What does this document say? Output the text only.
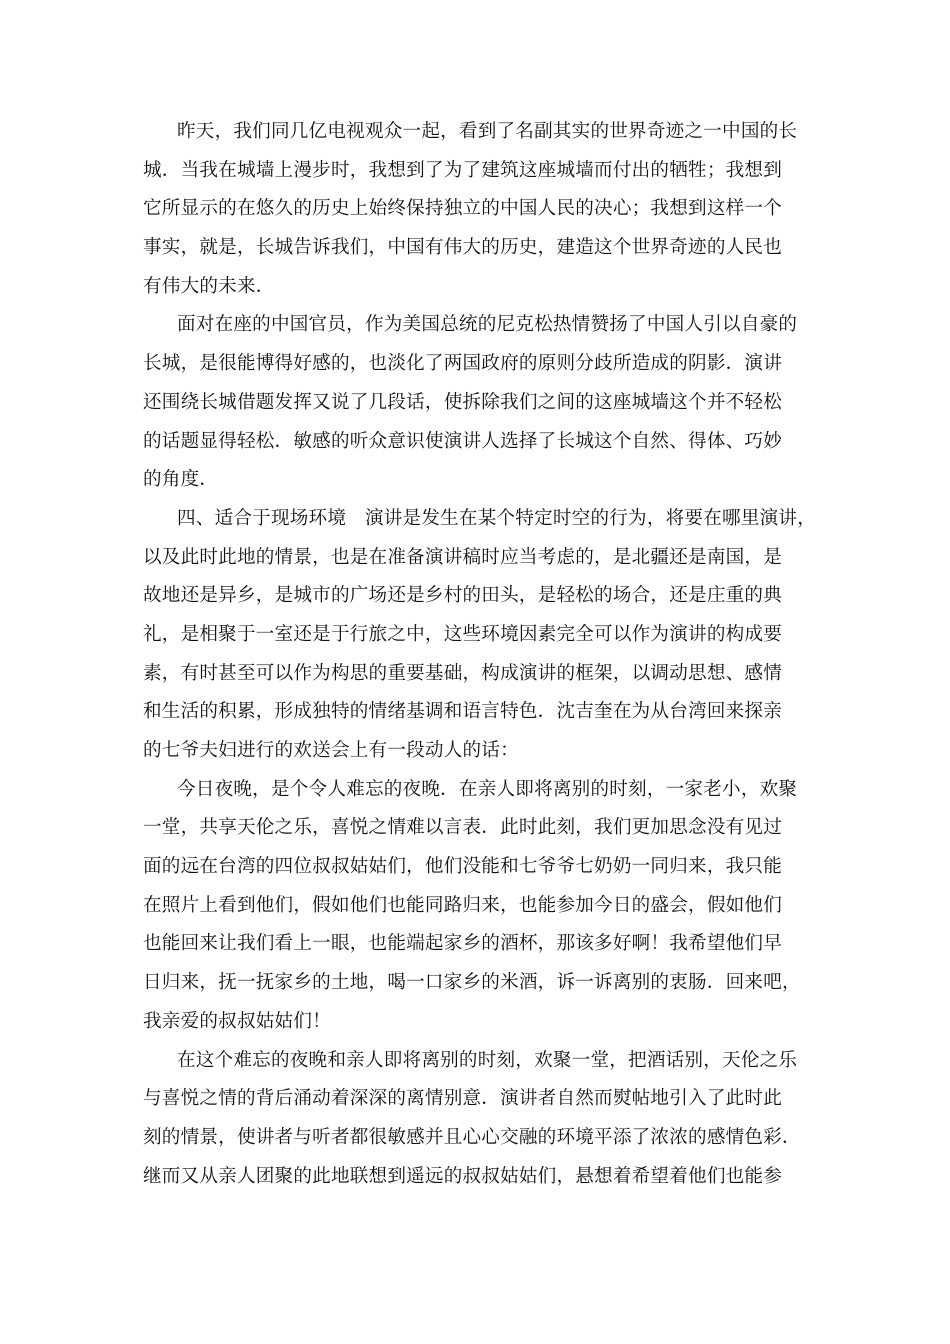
昨天，我们同几亿电视观众一起，看到了名副其实的世界奇迹之一中国的长
城．当我在城墙上漫步时，我想到了为了建筑这座城墙而付出的牺牲；我想到
它所显示的在悠久的历史上始终保持独立的中国人民的决心；我想到这样一个
事实，就是，长城告诉我们，中国有伟大的历史，建造这个世界奇迹的人民也
有伟大的未来．
面对在座的中国官员，作为美国总统的尼克松热情赞扬了中国人引以自豪的
长城，是很能博得好感的，也淡化了两国政府的原则分歧所造成的阴影．演讲
还围绕长城借题发挥又说了几段话，使拆除我们之间的这座城墙这个并不轻松
的话题显得轻松．敏感的听众意识使演讲人选择了长城这个自然、得体、巧妙
的角度．
四、适合于现场环境　演讲是发生在某个特定时空的行为，将要在哪里演讲，
以及此时此地的情景，也是在准备演讲稿时应当考虑的，是北疆还是南国，是
故地还是异乡，是城市的广场还是乡村的田头，是轻松的场合，还是庄重的典
礼，是相聚于一室还是于行旅之中，这些环境因素完全可以作为演讲的构成要
素，有时甚至可以作为构思的重要基础，构成演讲的框架，以调动思想、感情
和生活的积累，形成独特的情绪基调和语言特色．沈吉奎在为从台湾回来探亲
的七爷夫妇进行的欢送会上有一段动人的话：
今日夜晚，是个令人难忘的夜晚．在亲人即将离别的时刻，一家老小，欢聚
一堂，共享天伦之乐，喜悦之情难以言表．此时此刻，我们更加思念没有见过
面的远在台湾的四位叔叔姑姑们，他们没能和七爷爷七奶奶一同归来，我只能
在照片上看到他们，假如他们也能同路归来，也能参加今日的盛会，假如他们
也能回来让我们看上一眼，也能端起家乡的酒杯，那该多好啊！我希望他们早
日归来，抚一抚家乡的土地，喝一口家乡的米酒，诉一诉离别的衷肠．回来吧，
我亲爱的叔叔姑姑们！
在这个难忘的夜晚和亲人即将离别的时刻，欢聚一堂，把酒话别，天伦之乐
与喜悦之情的背后涌动着深深的离情别意．演讲者自然而熨帖地引入了此时此
刻的情景，使讲者与听者都很敏感并且心心交融的环境平添了浓浓的感情色彩．
继而又从亲人团聚的此地联想到遥远的叔叔姑姑们，悬想着希望着他们也能参
